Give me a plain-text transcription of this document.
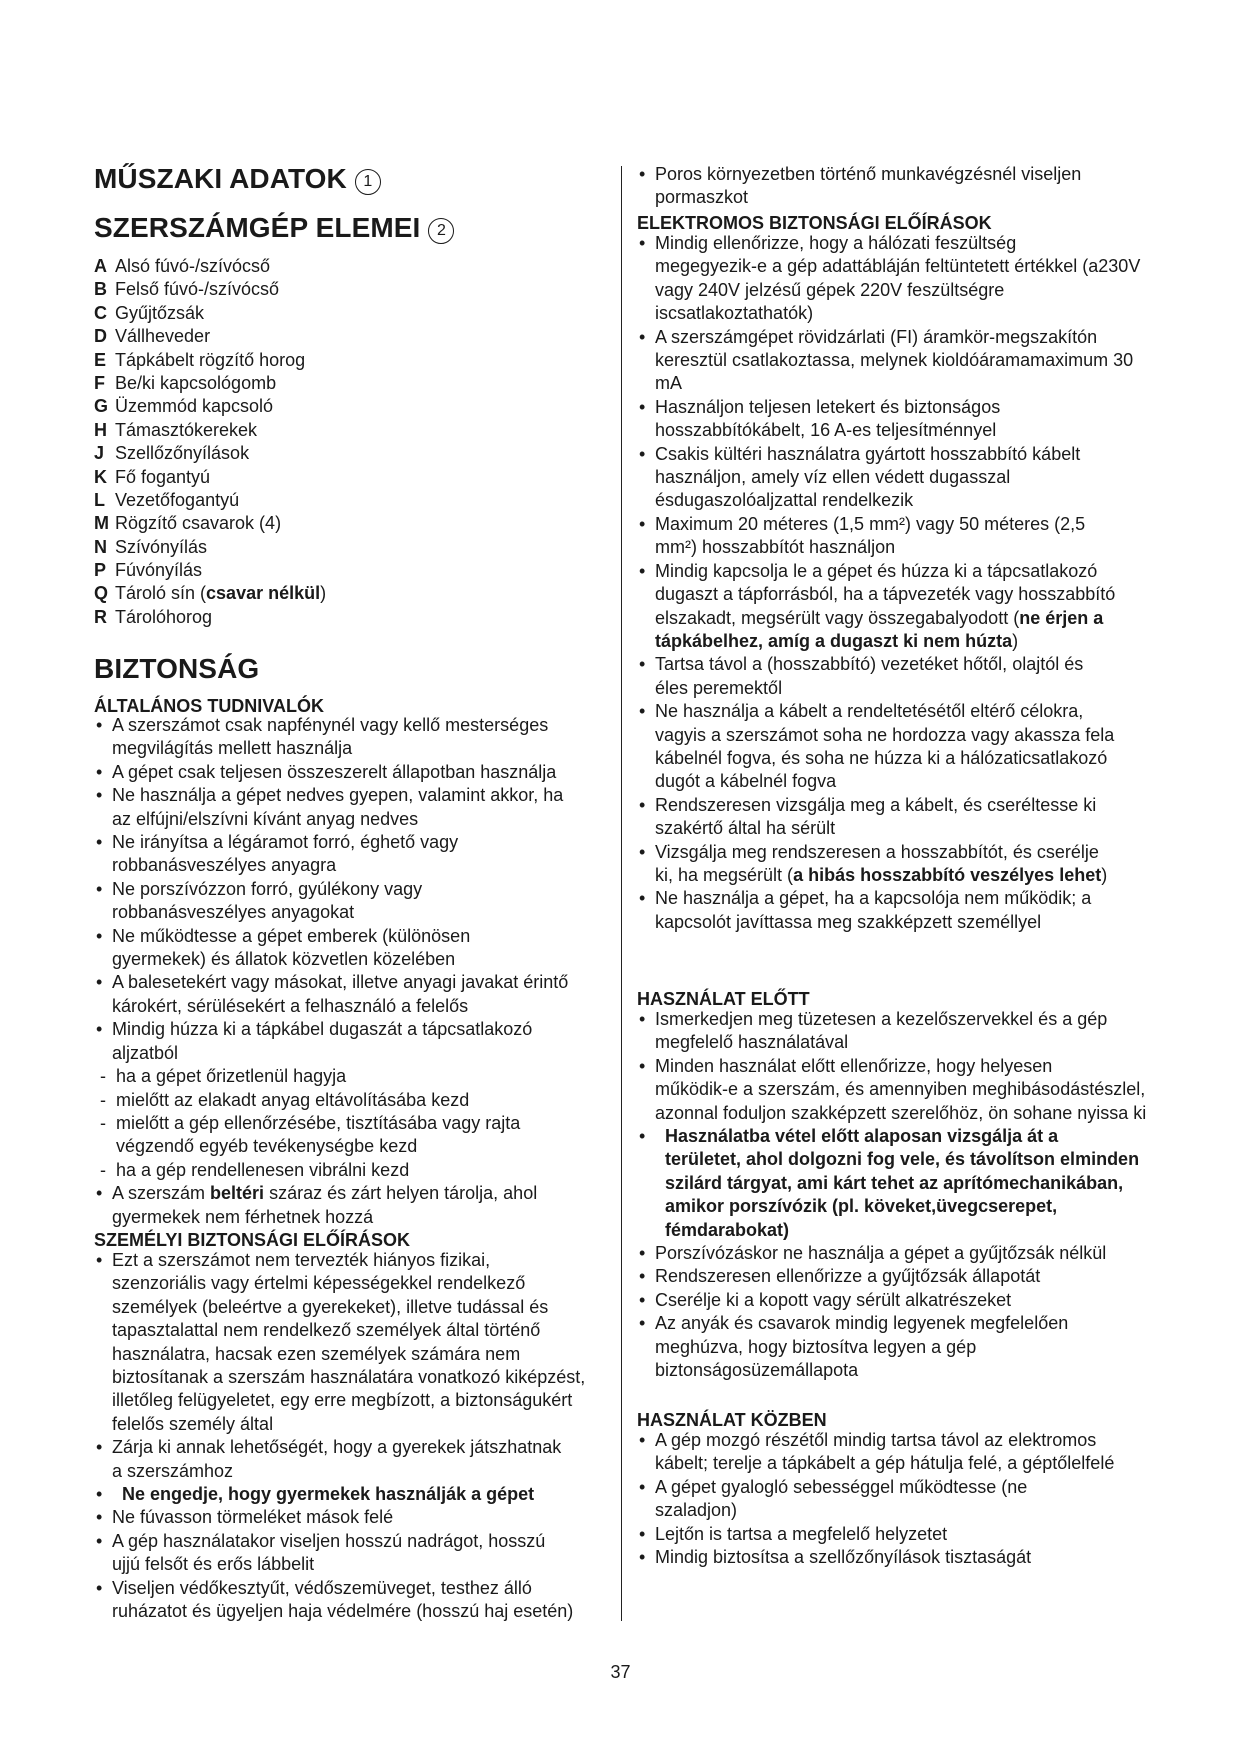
MŰSZAKI ADATOK 1
SZERSZÁMGÉP ELEMEI 2
A Alsó fúvó-/szívócső
B Felső fúvó-/szívócső
C Gyűjtőzsák
D Vállheveder
E Tápkábelt rögzítő horog
F Be/ki kapcsológomb
G Üzemmód kapcsoló
H Támasztókerekek
J Szellőzőnyílások
K Fő fogantyú
L Vezetőfogantyú
M Rögzítő csavarok (4)
N Szívónyílás
P Fúvónyílás
Q Tároló sín (csavar nélkül)
R Tárolóhorog
BIZTONSÁG
ÁLTALÁNOS TUDNIVALÓK
• A szerszámot csak napfénynél vagy kellő mesterséges
megvilágítás mellett használja
• A gépet csak teljesen összeszerelt állapotban használja
• Ne használja a gépet nedves gyepen, valamint akkor, ha
az elfújni/elszívni kívánt anyag nedves
• Ne irányítsa a légáramot forró, éghető vagy
robbanásveszélyes anyagra
• Ne porszívózzon forró, gyúlékony vagy
robbanásveszélyes anyagokat
• Ne működtesse a gépet emberek (különösen
gyermekek) és állatok közvetlen közelében
• A balesetekért vagy másokat, illetve anyagi javakat érintő
károkért, sérülésekért a felhasználó a felelős
• Mindig húzza ki a tápkábel dugaszát a tápcsatlakozó
aljzatból
- ha a gépet őrizetlenül hagyja
- mielőtt az elakadt anyag eltávolításába kezd
- mielőtt a gép ellenőrzésébe, tisztításába vagy rajta
végzendő egyéb tevékenységbe kezd
- ha a gép rendellenesen vibrálni kezd
• A szerszám beltéri száraz és zárt helyen tárolja, ahol
gyermekek nem férhetnek hozzá
SZEMÉLYI BIZTONSÁGI ELŐÍRÁSOK
• Ezt a szerszámot nem tervezték hiányos fizikai,
szenzoriális vagy értelmi képességekkel rendelkező személyek (beleértve a gyerekeket), illetve tudással és tapasztalattal nem rendelkező személyek által történő használatra, hacsak ezen személyek számára nem biztosítanak a szerszám használatára vonatkozó kiképzést, illetőleg felügyeletet, egy erre megbízott, a biztonságukért felelős személy által
• Zárja ki annak lehetőségét, hogy a gyerekek játszhatnak
a szerszámhoz
• Ne engedje, hogy gyermekek használják a gépet
• Ne fúvasson törmeléket mások felé
• A gép használatakor viseljen hosszú nadrágot, hosszú
ujjú felsőt és erős lábbelit
• Viseljen védőkesztyűt, védőszemüveget, testhez álló
ruházatot és ügyeljen haja védelmére (hosszú haj esetén)
• Poros környezetben történő munkavégzésnél viseljen
pormaszkot
ELEKTROMOS BIZTONSÁGI ELŐÍRÁSOK
• Mindig ellenőrizze, hogy a hálózati feszültség
megegyezik-e a gép adattábláján feltüntetett értékkel (a230V vagy 240V jelzésű gépek 220V feszültségre iscsatlakoztathatók)
• A szerszámgépet rövidzárlati (FI) áramkör-megszakítón
keresztül csatlakoztassa, melynek kioldóáramamaximum 30 mA
• Használjon teljesen letekert és biztonságos
hosszabbítókábelt, 16 A-es teljesítménnyel
• Csakis kültéri használatra gyártott hosszabbító kábelt
használjon, amely víz ellen védett dugasszal ésdugaszolóaljzattal rendelkezik
• Maximum 20 méteres (1,5 mm²) vagy 50 méteres (2,5
mm²) hosszabbítót használjon
• Mindig kapcsolja le a gépet és húzza ki a tápcsatlakozó
dugaszt a tápforrásból, ha a tápvezeték vagy hosszabbító elszakadt, megsérült vagy összegabalyodott (ne érjen a tápkábelhez, amíg a dugaszt ki nem húzta)
• Tartsa távol a (hosszabbító) vezetéket hőtől, olajtól és
éles peremektől
• Ne használja a kábelt a rendeltetésétől eltérő célokra,
vagyis a szerszámot soha ne hordozza vagy akassza fela kábelnél fogva, és soha ne húzza ki a hálózaticsatlakozó dugót a kábelnél fogva
• Rendszeresen vizsgálja meg a kábelt, és cseréltesse ki
szakértő által ha sérült
• Vizsgálja meg rendszeresen a hosszabbítót, és cserélje
ki, ha megsérült (a hibás hosszabbító veszélyes lehet)
• Ne használja a gépet, ha a kapcsolója nem működik; a
kapcsolót javíttassa meg szakképzett személlyel
HASZNÁLAT ELŐTT
• Ismerkedjen meg tüzetesen a kezelőszervekkel és a gép
megfelelő használatával
• Minden használat előtt ellenőrizze, hogy helyesen
működik-e a szerszám, és amennyiben meghibásodástészlel, azonnal foduljon szakképzett szerelőhöz, ön sohane nyissa ki
• Használatba vétel előtt alaposan vizsgálja át a
területet, ahol dolgozni fog vele, és távolítson elminden szilárd tárgyat, ami kárt tehet az aprítómechanikában, amikor porszívózik (pl. köveket,üvegcserepet, fémdarabokat)
• Porszívózáskor ne használja a gépet a gyűjtőzsák nélkül
• Rendszeresen ellenőrizze a gyűjtőzsák állapotát
• Cserélje ki a kopott vagy sérült alkatrészeket
• Az anyák és csavarok mindig legyenek megfelelően
meghúzva, hogy biztosítva legyen a gép biztonságosüzemállapota
HASZNÁLAT KÖZBEN
• A gép mozgó részétől mindig tartsa távol az elektromos
kábelt; terelje a tápkábelt a gép hátulja felé, a géptőlelfelé
• A gépet gyalogló sebességgel működtesse (ne
szaladjon)
• Lejtőn is tartsa a megfelelő helyzetet
• Mindig biztosítsa a szellőzőnyílások tisztaságát
37
